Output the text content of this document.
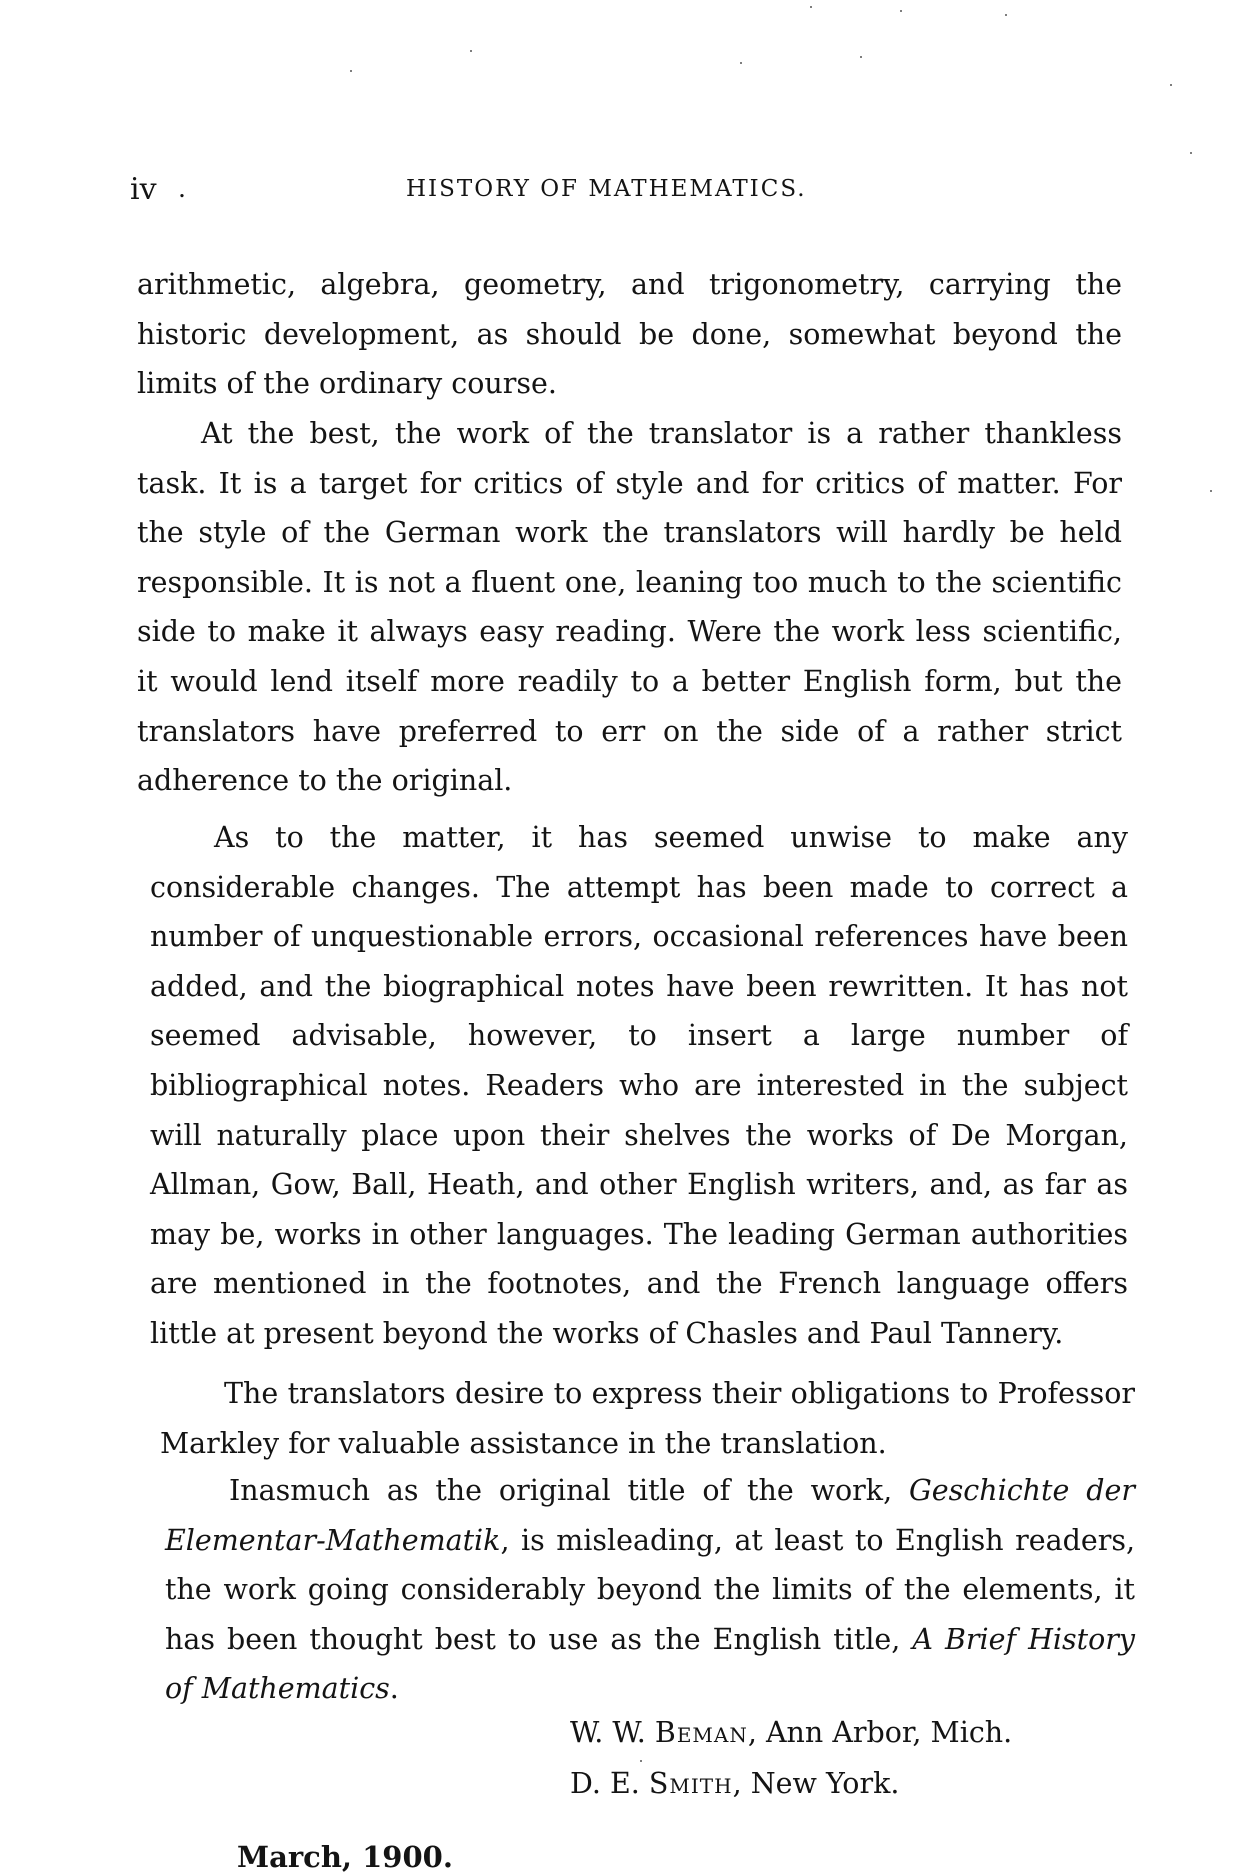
iv .	HISTORY OF MATHEMATICS.

arithmetic, algebra, geometry, and trigonometry, carrying the historic development, as should be done, somewhat beyond the limits of the ordinary course.

At the best, the work of the translator is a rather thankless task. It is a target for critics of style and for critics of matter. For the style of the German work the translators will hardly be held responsible. It is not a fluent one, leaning too much to the scientific side to make it always easy reading. Were the work less scientific, it would lend itself more readily to a better English form, but the translators have preferred to err on the side of a rather strict adherence to the original.

As to the matter, it has seemed unwise to make any considerable changes. The attempt has been made to correct a number of unquestionable errors, occasional references have been added, and the biographical notes have been rewritten. It has not seemed advisable, however, to insert a large number of bibliographical notes. Readers who are interested in the subject will naturally place upon their shelves the works of De Morgan, Allman, Gow, Ball, Heath, and other English writers, and, as far as may be, works in other languages. The leading German authorities are mentioned in the footnotes, and the French language offers little at present beyond the works of Chasles and Paul Tannery.

The translators desire to express their obligations to Professor Markley for valuable assistance in the translation.

Inasmuch as the original title of the work, Geschichte der Elementar-Mathematik, is misleading, at least to English readers, the work going considerably beyond the limits of the elements, it has been thought best to use as the English title, A Brief History of Mathematics.

W. W. Beman, Ann Arbor, Mich.
D. E. Smith, New York.
March, 1900.
